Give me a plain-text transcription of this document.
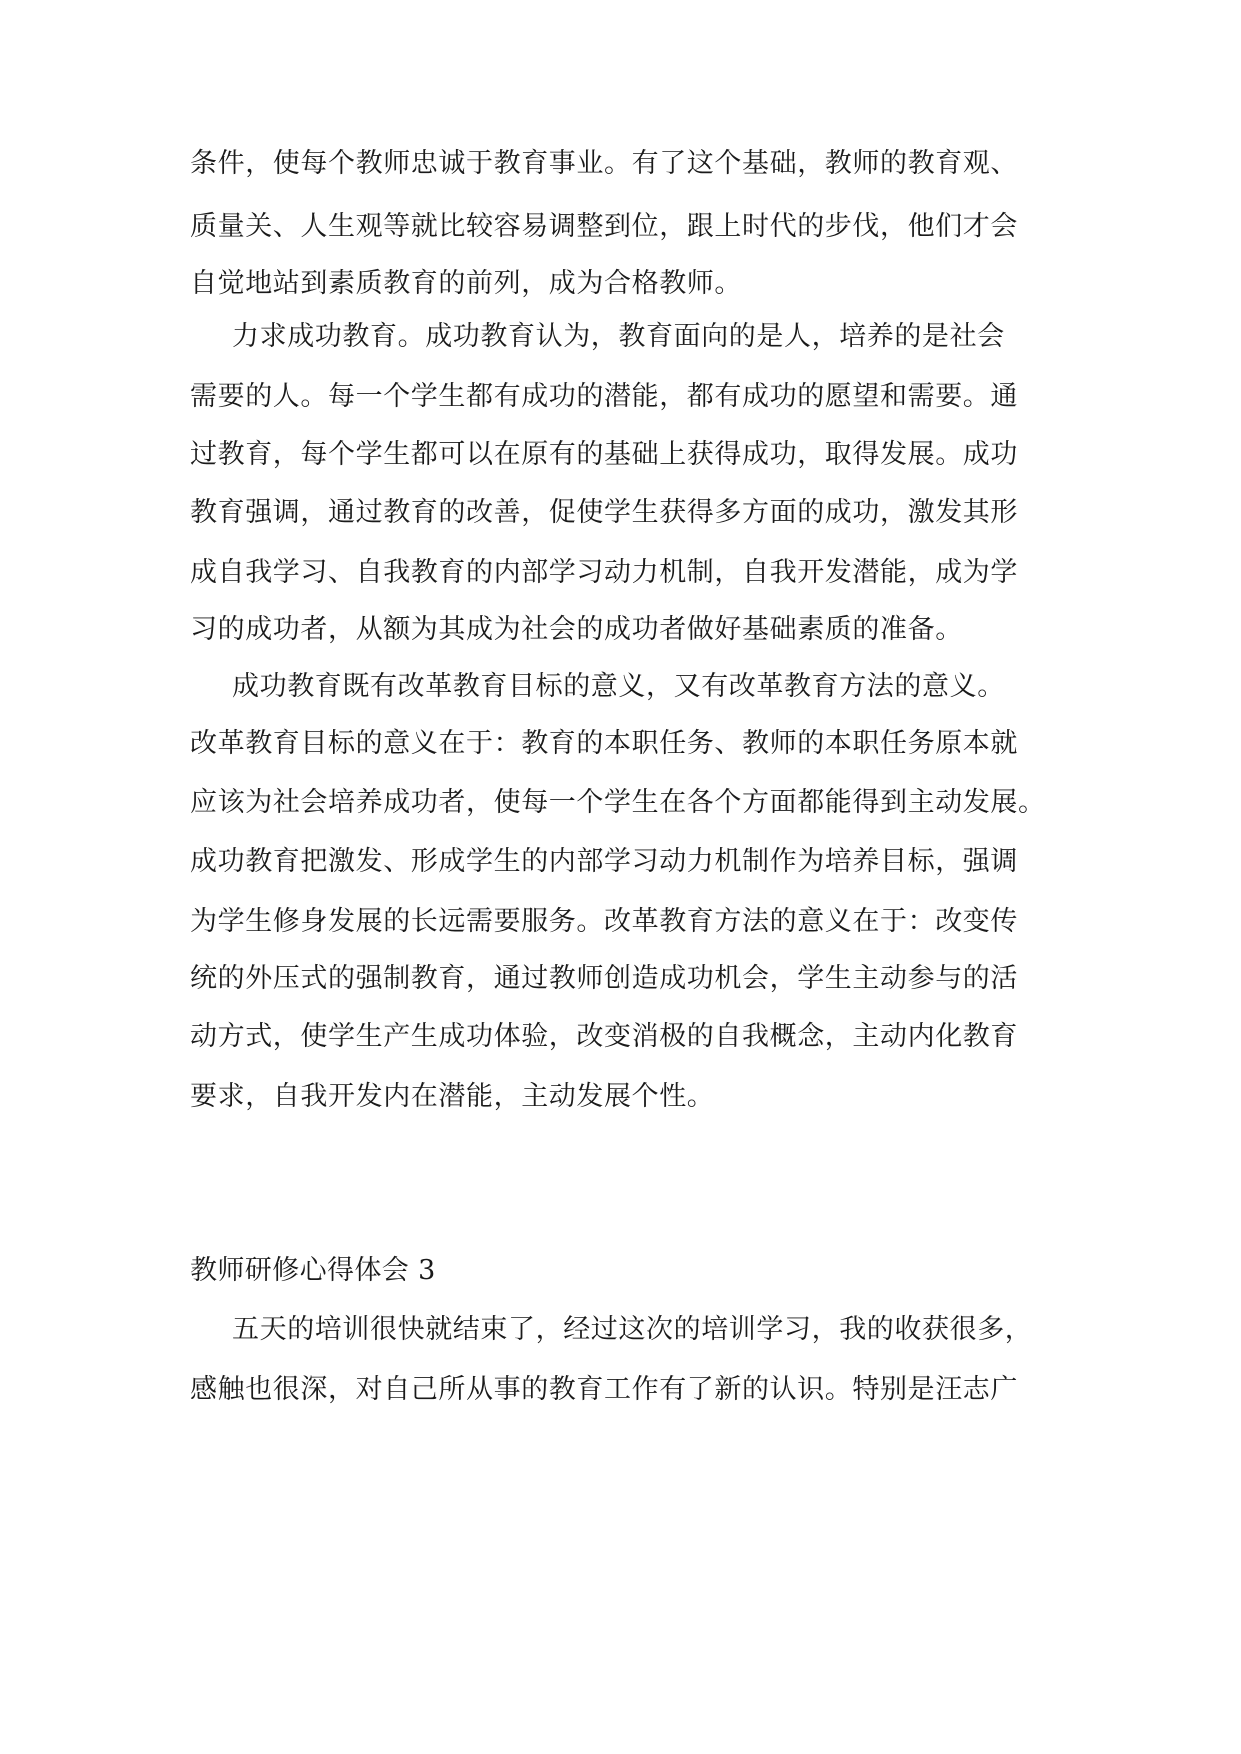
条件，使每个教师忠诚于教育事业。有了这个基础，教师的教育观、
质量关、人生观等就比较容易调整到位，跟上时代的步伐，他们才会
自觉地站到素质教育的前列，成为合格教师。
力求成功教育。成功教育认为，教育面向的是人，培养的是社会
需要的人。每一个学生都有成功的潜能，都有成功的愿望和需要。通
过教育，每个学生都可以在原有的基础上获得成功，取得发展。成功
教育强调，通过教育的改善，促使学生获得多方面的成功，激发其形
成自我学习、自我教育的内部学习动力机制，自我开发潜能，成为学
习的成功者，从额为其成为社会的成功者做好基础素质的准备。
成功教育既有改革教育目标的意义，又有改革教育方法的意义。
改革教育目标的意义在于：教育的本职任务、教师的本职任务原本就
应该为社会培养成功者，使每一个学生在各个方面都能得到主动发展。
成功教育把激发、形成学生的内部学习动力机制作为培养目标，强调
为学生修身发展的长远需要服务。改革教育方法的意义在于：改变传
统的外压式的强制教育，通过教师创造成功机会，学生主动参与的活
动方式，使学生产生成功体验，改变消极的自我概念，主动内化教育
要求，自我开发内在潜能，主动发展个性。
教师研修心得体会 3
五天的培训很快就结束了，经过这次的培训学习，我的收获很多，
感触也很深，对自己所从事的教育工作有了新的认识。特别是汪志广
